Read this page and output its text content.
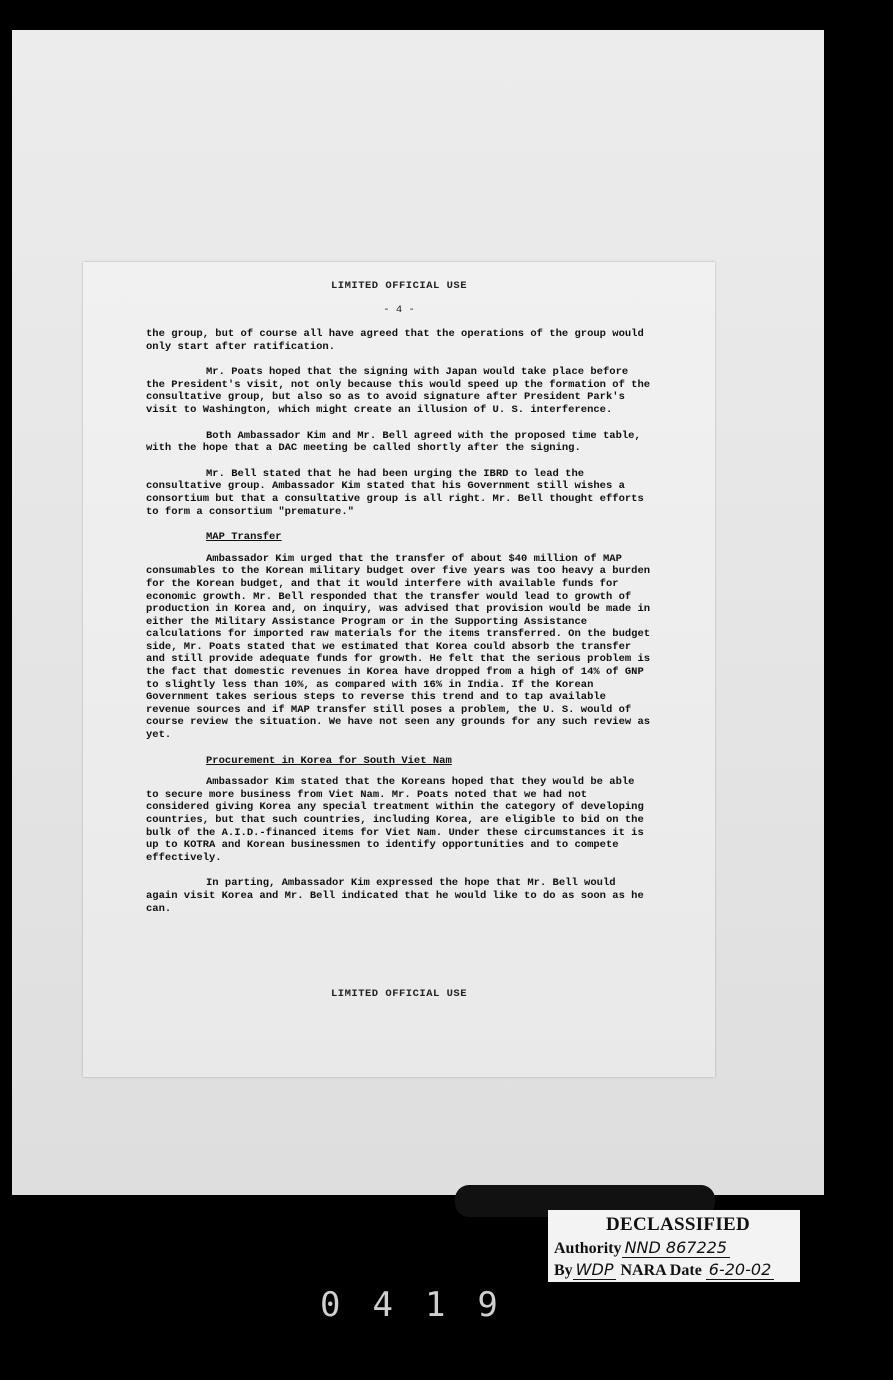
LIMITED OFFICIAL USE
- 4 -

the group, but of course all have agreed that the operations of the group would only start after ratification.

Mr. Poats hoped that the signing with Japan would take place before the President's visit, not only because this would speed up the formation of the consultative group, but also so as to avoid signature after President Park's visit to Washington, which might create an illusion of U. S. interference.

Both Ambassador Kim and Mr. Bell agreed with the proposed time table, with the hope that a DAC meeting be called shortly after the signing.

Mr. Bell stated that he had been urging the IBRD to lead the consultative group. Ambassador Kim stated that his Government still wishes a consortium but that a consultative group is all right. Mr. Bell thought efforts to form a consortium "premature."

MAP Transfer

Ambassador Kim urged that the transfer of about $40 million of MAP consumables to the Korean military budget over five years was too heavy a burden for the Korean budget, and that it would interfere with available funds for economic growth. Mr. Bell responded that the transfer would lead to growth of production in Korea and, on inquiry, was advised that provision would be made in either the Military Assistance Program or in the Supporting Assistance calculations for imported raw materials for the items transferred. On the budget side, Mr. Poats stated that we estimated that Korea could absorb the transfer and still provide adequate funds for growth. He felt that the serious problem is the fact that domestic revenues in Korea have dropped from a high of 14% of GNP to slightly less than 10%, as compared with 16% in India. If the Korean Government takes serious steps to reverse this trend and to tap available revenue sources and if MAP transfer still poses a problem, the U. S. would of course review the situation. We have not seen any grounds for any such review as yet.

Procurement in Korea for South Viet Nam

Ambassador Kim stated that the Koreans hoped that they would be able to secure more business from Viet Nam. Mr. Poats noted that we had not considered giving Korea any special treatment within the category of developing countries, but that such countries, including Korea, are eligible to bid on the bulk of the A.I.D.-financed items for Viet Nam. Under these circumstances it is up to KOTRA and Korean businessmen to identify opportunities and to compete effectively.

In parting, Ambassador Kim expressed the hope that Mr. Bell would again visit Korea and Mr. Bell indicated that he would like to do as soon as he can.

LIMITED OFFICIAL USE
DECLASSIFIED
Authority NND 867225
By WDP NARA Date 6-20-02
0419
